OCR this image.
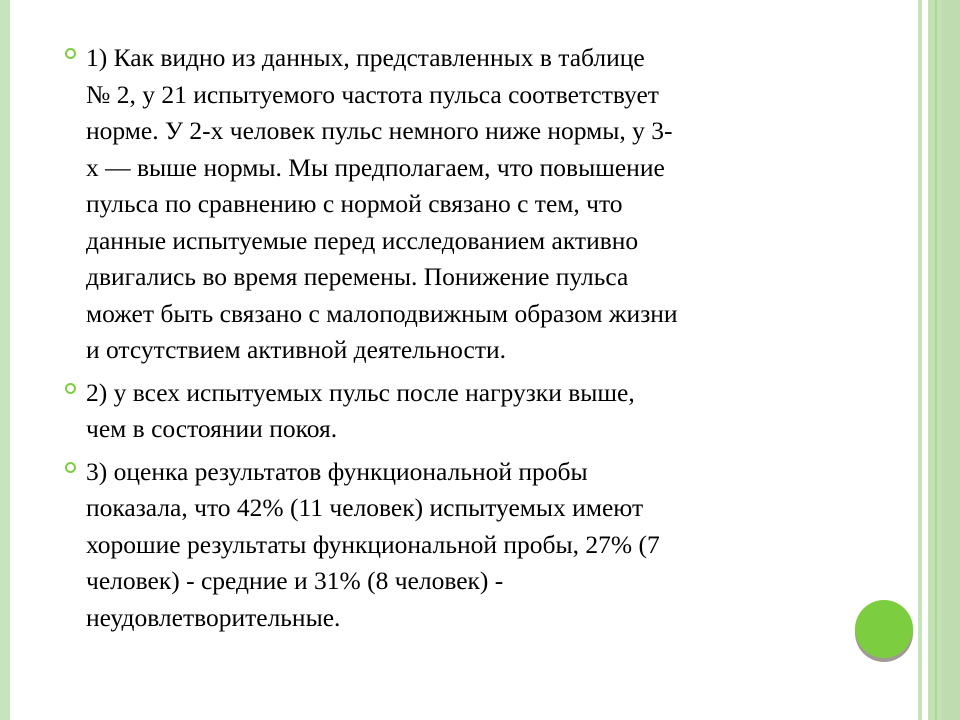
1) Как видно из данных, представленных в таблице
№ 2, у 21 испытуемого частота пульса соответствует
норме. У 2-х человек пульс немного ниже нормы, у 3-
х — выше нормы. Мы предполагаем, что повышение
пульса по сравнению с нормой связано с тем, что
данные испытуемые перед исследованием активно
двигались во время перемены. Понижение пульса
может быть связано с малоподвижным образом жизни
и отсутствием активной деятельности.
2) у всех испытуемых пульс после нагрузки выше,
чем в состоянии покоя.
3) оценка результатов функциональной пробы
показала, что 42% (11 человек) испытуемых имеют
хорошие результаты функциональной пробы, 27% (7
человек) - средние и 31% (8 человек) -
неудовлетворительные.
